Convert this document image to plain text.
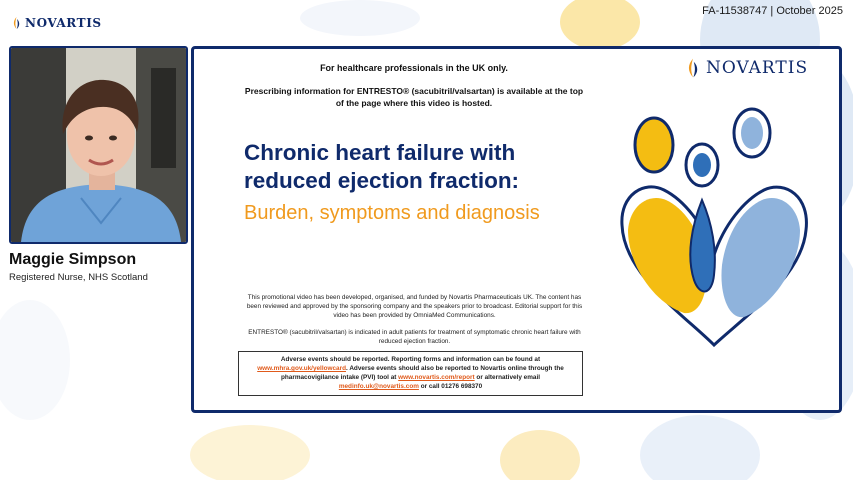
NOVARTIS
FA-11538747 | October 2025
Maggie Simpson
Registered Nurse, NHS Scotland
For healthcare professionals in the UK only.
Prescribing information for ENTRESTO® (sacubitril/valsartan) is available at the top of the page where this video is hosted.
Chronic heart failure with reduced ejection fraction:
Burden, symptoms and diagnosis
This promotional video has been developed, organised, and funded by Novartis Pharmaceuticals UK. The content has been reviewed and approved by the sponsoring company and the speakers prior to broadcast. Editorial support for this video has been provided by OmniaMed Communications.
ENTRESTO® (sacubitril/valsartan) is indicated in adult patients for treatment of symptomatic chronic heart failure with reduced ejection fraction.
Adverse events should be reported. Reporting forms and information can be found at www.mhra.gov.uk/yellowcard. Adverse events should also be reported to Novartis online through the pharmacovigilance intake (PVI) tool at www.novartis.com/report or alternatively email medinfo.uk@novartis.com or call 01276 698370
NOVARTIS
